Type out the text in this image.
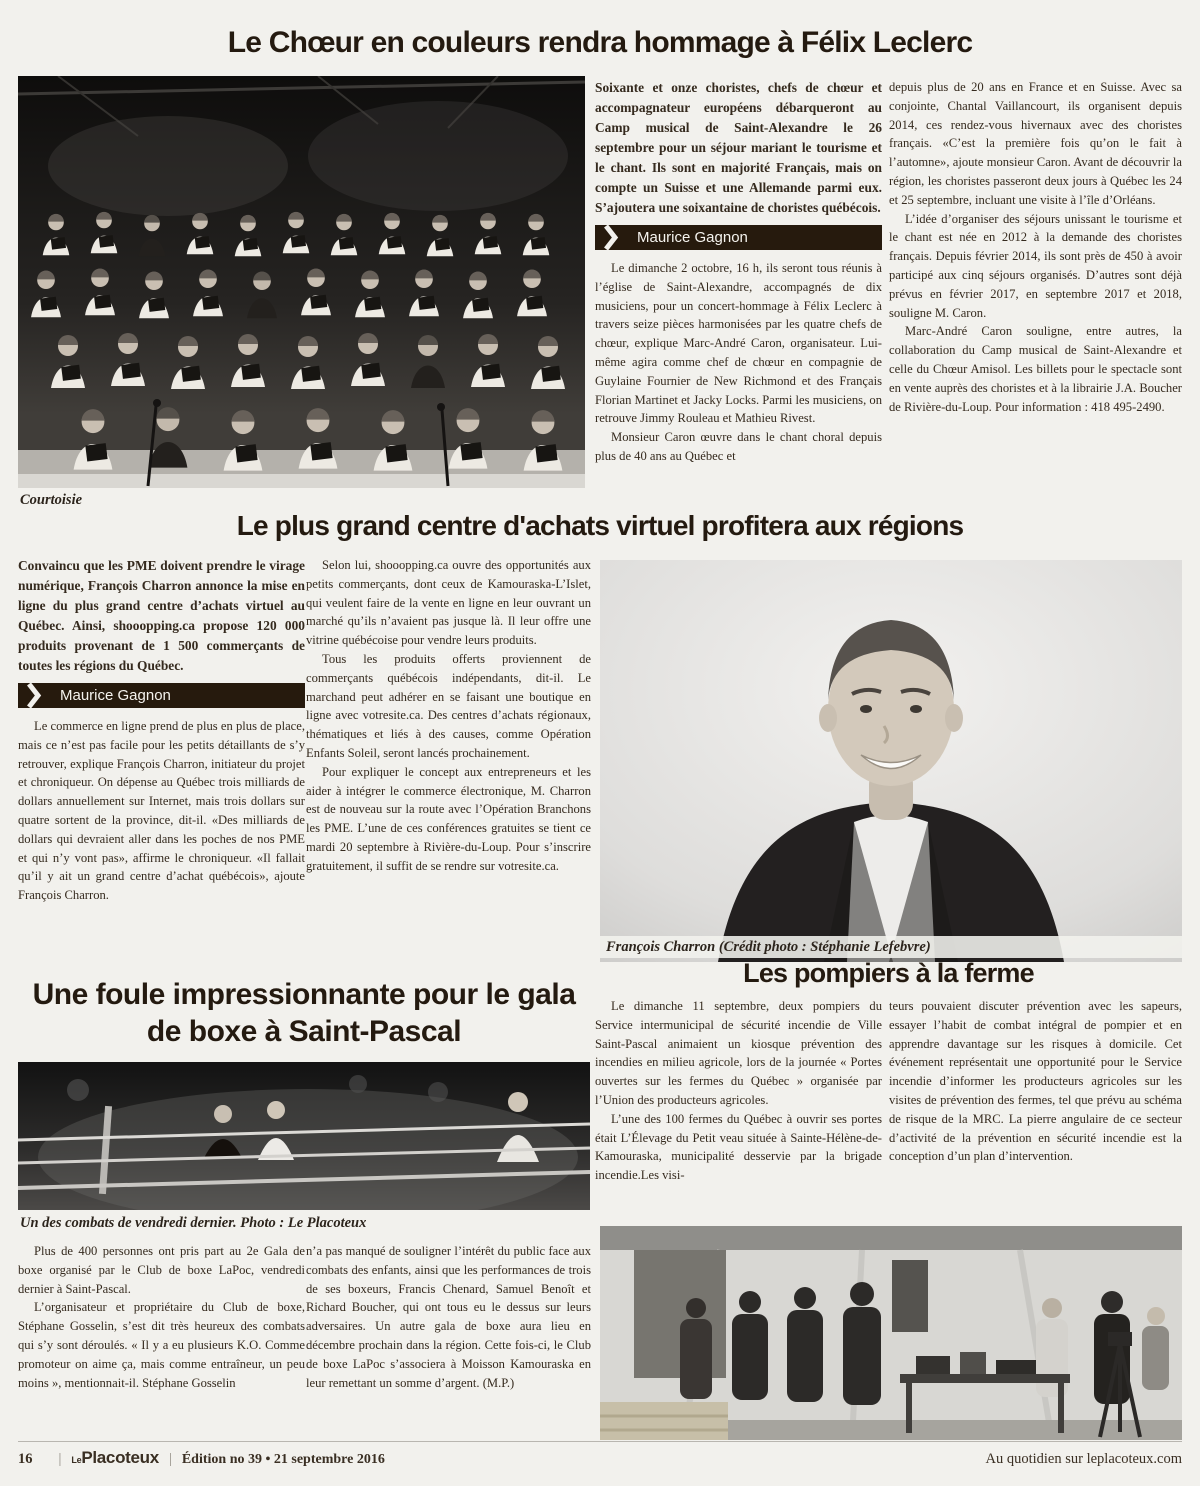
Le Chœur en couleurs rendra hommage à Félix Leclerc
Courtoisie

Soixante et onze choristes, chefs de chœur et accompagnateur européens débarqueront au Camp musical de Saint-Alexandre le 26 septembre pour un séjour mariant le tourisme et le chant. Ils sont en majorité Français, mais on compte un Suisse et une Allemande parmi eux. S’ajoutera une soixantaine de choristes québécois.

Maurice Gagnon

Le dimanche 2 octobre, 16 h, ils seront tous réunis à l’église de Saint-Alexandre, accompagnés de dix musiciens, pour un concert-hommage à Félix Leclerc à travers seize pièces harmonisées par les quatre chefs de chœur, explique Marc-André Caron, organisateur. Lui-même agira comme chef de chœur en compagnie de Guylaine Fournier de New Richmond et des Français Florian Martinet et Jacky Locks. Parmi les musiciens, on retrouve Jimmy Rouleau et Mathieu Rivest.

Monsieur Caron œuvre dans le chant choral depuis plus de 40 ans au Québec et

depuis plus de 20 ans en France et en Suisse. Avec sa conjointe, Chantal Vaillancourt, ils organisent depuis 2014, ces rendez-vous hivernaux avec des choristes français. «C’est la première fois qu’on le fait à l’automne», ajoute monsieur Caron. Avant de découvrir la région, les choristes passeront deux jours à Québec les 24 et 25 septembre, incluant une visite à l’île d’Orléans.

L’idée d’organiser des séjours unissant le tourisme et le chant est née en 2012 à la demande des choristes français. Depuis février 2014, ils sont près de 450 à avoir participé aux cinq séjours organisés. D’autres sont déjà prévus en février 2017, en septembre 2017 et 2018, souligne M. Caron.

Marc-André Caron souligne, entre autres, la collaboration du Camp musical de Saint-Alexandre et celle du Chœur Amisol. Les billets pour le spectacle sont en vente auprès des choristes et à la librairie J.A. Boucher de Rivière-du-Loup. Pour information : 418 495-2490.

Le plus grand centre d'achats virtuel profitera aux régions

Convaincu que les PME doivent prendre le virage numérique, François Charron annonce la mise en ligne du plus grand centre d’achats virtuel au Québec. Ainsi, shooopping.ca propose 120 000 produits provenant de 1 500 commerçants de toutes les régions du Québec.

Maurice Gagnon

Le commerce en ligne prend de plus en plus de place, mais ce n’est pas facile pour les petits détaillants de s’y retrouver, explique François Charron, initiateur du projet et chroniqueur. On dépense au Québec trois milliards de dollars annuellement sur Internet, mais trois dollars sur quatre sortent de la province, dit-il. «Des milliards de dollars qui devraient aller dans les poches de nos PME et qui n’y vont pas», affirme le chroniqueur. «Il fallait qu’il y ait un grand centre d’achat québécois», ajoute François Charron.

Selon lui, shooopping.ca ouvre des opportunités aux petits commerçants, dont ceux de Kamouraska-L’Islet, qui veulent faire de la vente en ligne en leur ouvrant un marché qu’ils n’avaient pas jusque là. Il leur offre une vitrine québécoise pour vendre leurs produits.

Tous les produits offerts proviennent de commerçants québécois indépendants, dit-il. Le marchand peut adhérer en se faisant une boutique en ligne avec votresite.ca. Des centres d’achats régionaux, thématiques et liés à des causes, comme Opération Enfants Soleil, seront lancés prochainement.

Pour expliquer le concept aux entrepreneurs et les aider à intégrer le commerce électronique, M. Charron est de nouveau sur la route avec l’Opération Branchons les PME. L’une de ces conférences gratuites se tient ce mardi 20 septembre à Rivière-du-Loup. Pour s’inscrire gratuitement, il suffit de se rendre sur votresite.ca.

François Charron (Crédit photo : Stéphanie Lefebvre)
Une foule impressionnante pour le gala de boxe à Saint-Pascal
Un des combats de vendredi dernier. Photo : Le Placoteux

Plus de 400 personnes ont pris part au 2e Gala de boxe organisé par le Club de boxe LaPoc, vendredi dernier à Saint-Pascal.

L’organisateur et propriétaire du Club de boxe, Stéphane Gosselin, s’est dit très heureux des combats qui s’y sont déroulés. « Il y a eu plusieurs K.O. Comme promoteur on aime ça, mais comme entraîneur, un peu moins », mentionnait-il. Stéphane Gosselin

n’a pas manqué de souligner l’intérêt du public face aux combats des enfants, ainsi que les performances de trois de ses boxeurs, Francis Chenard, Samuel Benoît et Richard Boucher, qui ont tous eu le dessus sur leurs adversaires. Un autre gala de boxe aura lieu en décembre prochain dans la région. Cette fois-ci, le Club de boxe LaPoc s’associera à Moisson Kamouraska en leur remettant un somme d’argent. (M.P.)

Les pompiers à la ferme

Le dimanche 11 septembre, deux pompiers du Service intermunicipal de sécurité incendie de Ville Saint-Pascal animaient un kiosque prévention des incendies en milieu agricole, lors de la journée « Portes ouvertes sur les fermes du Québec » organisée par l’Union des producteurs agricoles.

L’une des 100 fermes du Québec à ouvrir ses portes était L’Élevage du Petit veau située à Sainte-Hélène-de-Kamouraska, municipalité desservie par la brigade incendie.Les visi-

teurs pouvaient discuter prévention avec les sapeurs, essayer l’habit de combat intégral de pompier et en apprendre davantage sur les risques à domicile. Cet événement représentait une opportunité pour le Service incendie d’informer les producteurs agricoles sur les visites de prévention des fermes, tel que prévu au schéma de risque de la MRC. La pierre angulaire de ce secteur d’activité de la prévention en sécurité incendie est la conception d’un plan d’intervention.

16 | LePlacoteux | Édition no 39 • 21 septembre 2016	Au quotidien sur leplacoteux.com
